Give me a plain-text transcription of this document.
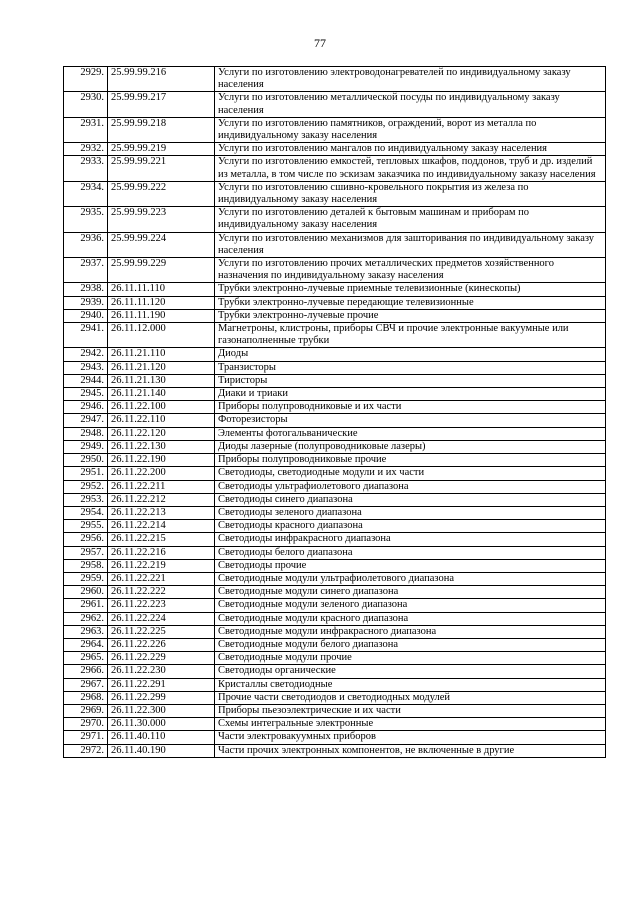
77
2929.	25.99.99.216	Услуги по изготовлению электроводонагревателей по индивидуальному заказу населения
2930.	25.99.99.217	Услуги по изготовлению металлической посуды по индивидуальному заказу населения
2931.	25.99.99.218	Услуги по изготовлению памятников, ограждений, ворот из металла по индивидуальному заказу населения
2932.	25.99.99.219	Услуги по изготовлению мангалов по индивидуальному заказу населения
2933.	25.99.99.221	Услуги по изготовлению емкостей, тепловых шкафов, поддонов, труб и др. изделий из металла, в том числе по эскизам заказчика по индивидуальному заказу населения
2934.	25.99.99.222	Услуги по изготовлению сшивно-кровельного покрытия из железа по индивидуальному заказу населения
2935.	25.99.99.223	Услуги по изготовлению деталей к бытовым машинам и приборам по индивидуальному заказу населения
2936.	25.99.99.224	Услуги по изготовлению механизмов для зашторивания по индивидуальному заказу населения
2937.	25.99.99.229	Услуги по изготовлению прочих металлических предметов хозяйственного назначения по индивидуальному заказу населения
2938.	26.11.11.110	Трубки электронно-лучевые приемные телевизионные (кинескопы)
2939.	26.11.11.120	Трубки электронно-лучевые передающие телевизионные
2940.	26.11.11.190	Трубки электронно-лучевые прочие
2941.	26.11.12.000	Магнетроны, клистроны, приборы СВЧ и прочие электронные вакуумные или газонаполненные трубки
2942.	26.11.21.110	Диоды
2943.	26.11.21.120	Транзисторы
2944.	26.11.21.130	Тиристоры
2945.	26.11.21.140	Диаки и триаки
2946.	26.11.22.100	Приборы полупроводниковые и их части
2947.	26.11.22.110	Фоторезисторы
2948.	26.11.22.120	Элементы фотогальванические
2949.	26.11.22.130	Диоды лазерные (полупроводниковые лазеры)
2950.	26.11.22.190	Приборы полупроводниковые прочие
2951.	26.11.22.200	Светодиоды, светодиодные модули и их части
2952.	26.11.22.211	Светодиоды ультрафиолетового диапазона
2953.	26.11.22.212	Светодиоды синего диапазона
2954.	26.11.22.213	Светодиоды зеленого диапазона
2955.	26.11.22.214	Светодиоды красного диапазона
2956.	26.11.22.215	Светодиоды инфракрасного диапазона
2957.	26.11.22.216	Светодиоды белого диапазона
2958.	26.11.22.219	Светодиоды прочие
2959.	26.11.22.221	Светодиодные модули ультрафиолетового диапазона
2960.	26.11.22.222	Светодиодные модули синего диапазона
2961.	26.11.22.223	Светодиодные модули зеленого диапазона
2962.	26.11.22.224	Светодиодные модули красного диапазона
2963.	26.11.22.225	Светодиодные модули инфракрасного диапазона
2964.	26.11.22.226	Светодиодные модули белого диапазона
2965.	26.11.22.229	Светодиодные модули прочие
2966.	26.11.22.230	Светодиоды органические
2967.	26.11.22.291	Кристаллы светодиодные
2968.	26.11.22.299	Прочие части светодиодов и светодиодных модулей
2969.	26.11.22.300	Приборы пьезоэлектрические и их части
2970.	26.11.30.000	Схемы интегральные электронные
2971.	26.11.40.110	Части электровакуумных приборов
2972.	26.11.40.190	Части прочих электронных компонентов, не включенные в другие
